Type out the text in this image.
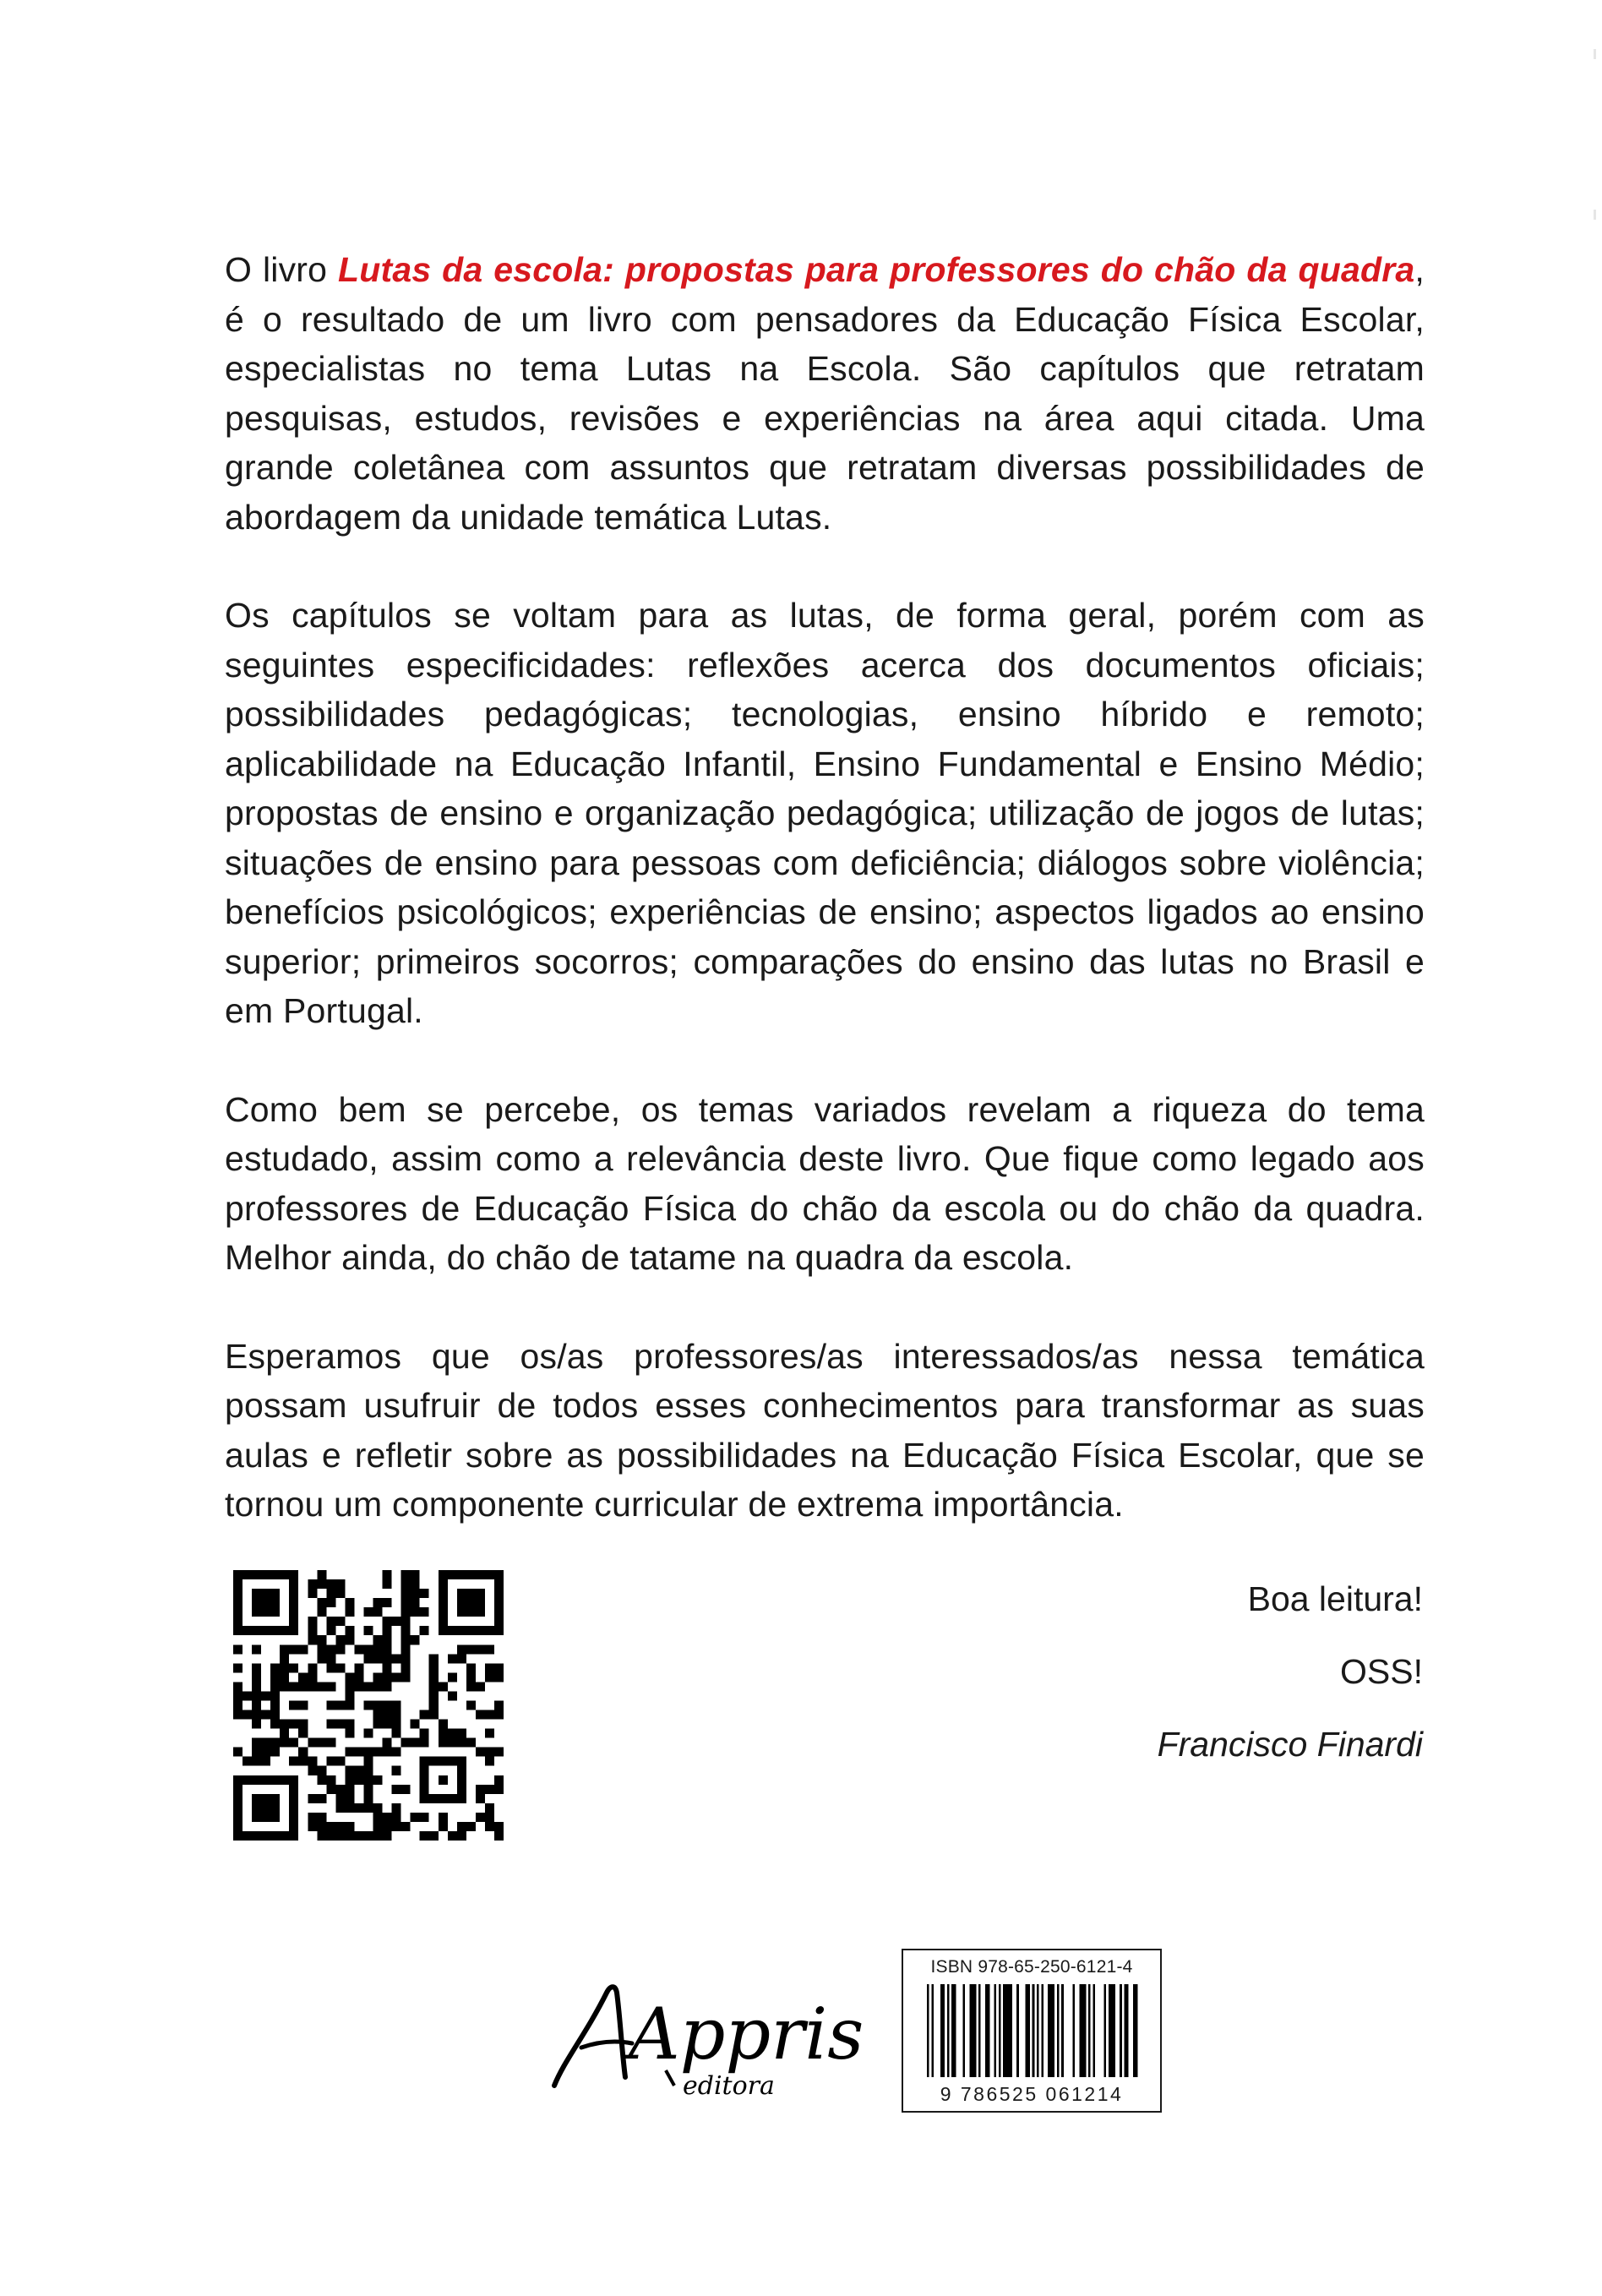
O livro Lutas da escola: propostas para professores do chão da quadra, é o resultado de um livro com pensadores da Educação Física Escolar, especialistas no tema Lutas na Escola. São capítulos que retratam pesquisas, estudos, revisões e experiências na área aqui citada. Uma grande coletânea com assuntos que retratam diversas possibilidades de abordagem da unidade temática Lutas.

Os capítulos se voltam para as lutas, de forma geral, porém com as seguintes especificidades: reflexões acerca dos documentos oficiais; possibilidades pedagógicas; tecnologias, ensino híbrido e remoto; aplicabilidade na Educação Infantil, Ensino Fundamental e Ensino Médio; propostas de ensino e organização pedagógica; utilização de jogos de lutas; situações de ensino para pessoas com deficiência; diálogos sobre violência; benefícios psicológicos; experiências de ensino; aspectos ligados ao ensino superior; primeiros socorros; comparações do ensino das lutas no Brasil e em Portugal.

Como bem se percebe, os temas variados revelam a riqueza do tema estudado, assim como a relevância deste livro. Que fique como legado aos professores de Educação Física do chão da escola ou do chão da quadra. Melhor ainda, do chão de tatame na quadra da escola.

Esperamos que os/as professores/as interessados/as nessa temática possam usufruir de todos esses conhecimentos para transformar as suas aulas e refletir sobre as possibilidades na Educação Física Escolar, que se tornou um componente curricular de extrema importância.

Boa leitura!
OSS!
Francisco Finardi
Appris
editora
ISBN 978-65-250-6121-4
9 786525 061214
